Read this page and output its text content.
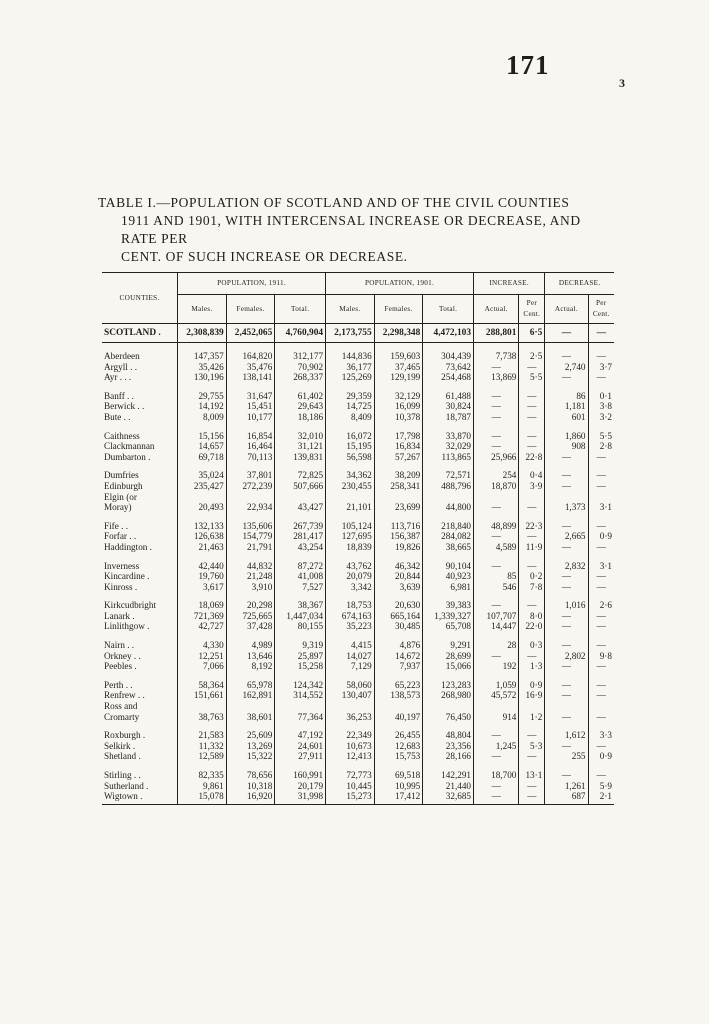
171
3
TABLE I.—POPULATION OF SCOTLAND AND OF THE CIVIL COUNTIES
1911 AND 1901, WITH INTERCENSAL INCREASE OR DECREASE, AND RATE PER
CENT. OF SUCH INCREASE OR DECREASE.
COUNTIES.	POPULATION, 1911.			POPULATION, 1901.			INCREASE.		DECREASE.	
	Males.	Females.	Total.	Males.	Females.	Total.	Actual.	Per Cent.	Actual.	Per Cent.
SCOTLAND .	2,308,839	2,452,065	4,760,904	2,173,755	2,298,348	4,472,103	288,801	6·5	—	—

Aberdeen	147,357	164,820	312,177	144,836	159,603	304,439	7,738	2·5	—	—
Argyll . .	35,426	35,476	70,902	36,177	37,465	73,642	—	—	2,740	3·7
Ayr . . .	130,196	138,141	268,337	125,269	129,199	254,468	13,869	5·5	—	—

Banff . .	29,755	31,647	61,402	29,359	32,129	61,488	—	—	86	0·1
Berwick . .	14,192	15,451	29,643	14,725	16,099	30,824	—	—	1,181	3·8
Bute . .	8,009	10,177	18,186	8,409	10,378	18,787	—	—	601	3·2

Caithness	15,156	16,854	32,010	16,072	17,798	33,870	—	—	1,860	5·5
Clackmannan	14,657	16,464	31,121	15,195	16,834	32,029	—	—	908	2·8
Dumbarton .	69,718	70,113	139,831	56,598	57,267	113,865	25,966	22·8	—	—

Dumfries	35,024	37,801	72,825	34,362	38,209	72,571	254	0·4	—	—
Edinburgh	235,427	272,239	507,666	230,455	258,341	488,796	18,870	3·9	—	—
Elgin (or										
Moray)	20,493	22,934	43,427	21,101	23,699	44,800	—	—	1,373	3·1

Fife . .	132,133	135,606	267,739	105,124	113,716	218,840	48,899	22·3	—	—
Forfar . .	126,638	154,779	281,417	127,695	156,387	284,082	—	—	2,665	0·9
Haddington .	21,463	21,791	43,254	18,839	19,826	38,665	4,589	11·9	—	—

Inverness	42,440	44,832	87,272	43,762	46,342	90,104	—	—	2,832	3·1
Kincardine .	19,760	21,248	41,008	20,079	20,844	40,923	85	0·2	—	—
Kinross .	3,617	3,910	7,527	3,342	3,639	6,981	546	7·8	—	—

Kirkcudbright	18,069	20,298	38,367	18,753	20,630	39,383	—	—	1,016	2·6
Lanark .	721,369	725,665	1,447,034	674,163	665,164	1,339,327	107,707	8·0	—	—
Linlithgow .	42,727	37,428	80,155	35,223	30,485	65,708	14,447	22·0	—	—

Nairn . .	4,330	4,989	9,319	4,415	4,876	9,291	28	0·3	—	—
Orkney . .	12,251	13,646	25,897	14,027	14,672	28,699	—	—	2,802	9·8
Peebles .	7,066	8,192	15,258	7,129	7,937	15,066	192	1·3	—	—

Perth . .	58,364	65,978	124,342	58,060	65,223	123,283	1,059	0·9	—	—
Renfrew . .	151,661	162,891	314,552	130,407	138,573	268,980	45,572	16·9	—	—
Ross and										
Cromarty	38,763	38,601	77,364	36,253	40,197	76,450	914	1·2	—	—

Roxburgh .	21,583	25,609	47,192	22,349	26,455	48,804	—	—	1,612	3·3
Selkirk .	11,332	13,269	24,601	10,673	12,683	23,356	1,245	5·3	—	—
Shetland .	12,589	15,322	27,911	12,413	15,753	28,166	—	—	255	0·9

Stirling . .	82,335	78,656	160,991	72,773	69,518	142,291	18,700	13·1	—	—
Sutherland .	9,861	10,318	20,179	10,445	10,995	21,440	—	—	1,261	5·9
Wigtown .	15,078	16,920	31,998	15,273	17,412	32,685	—	—	687	2·1
